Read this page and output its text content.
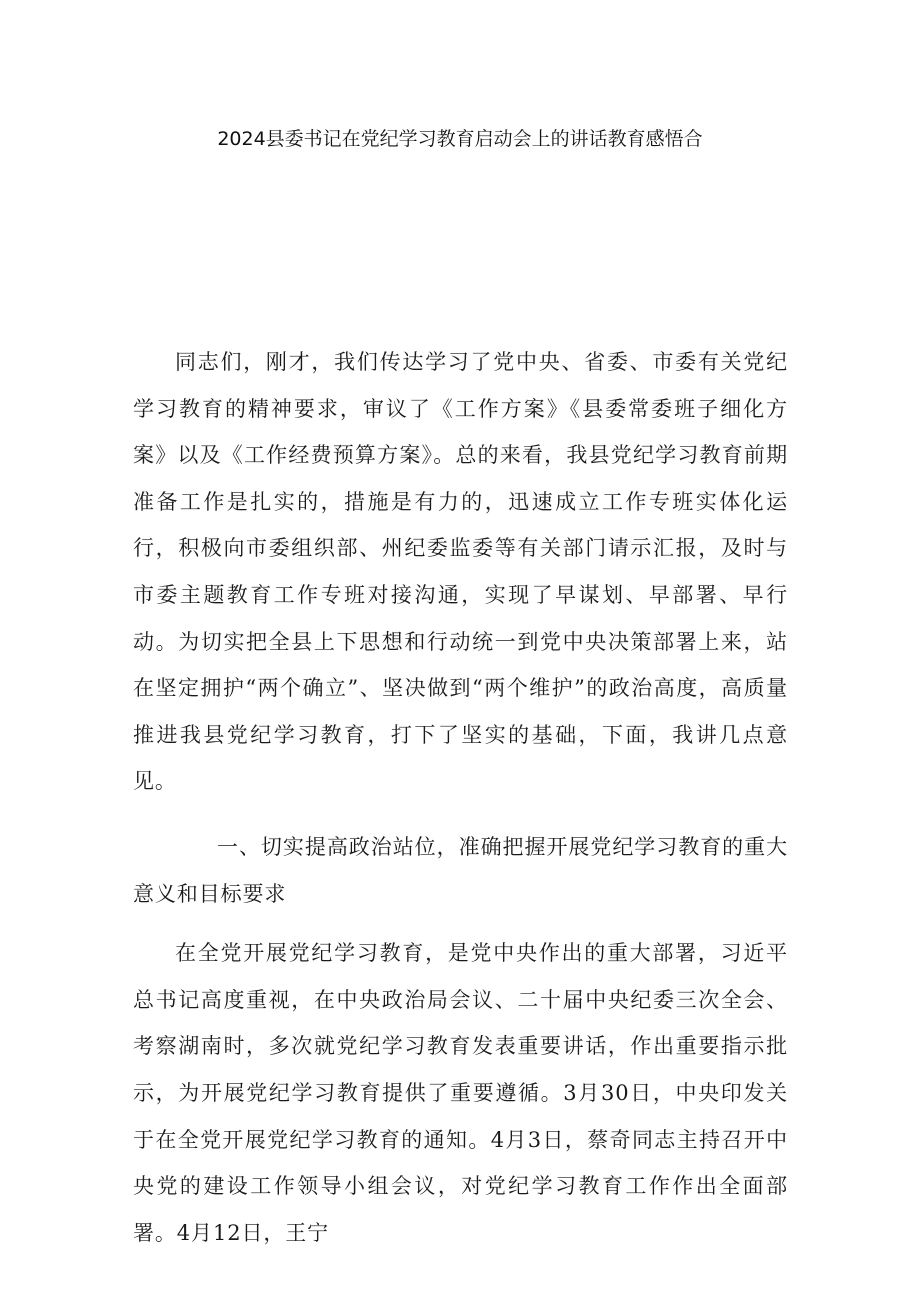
2024县委书记在党纪学习教育启动会上的讲话教育感悟合

同志们，刚才，我们传达学习了党中央、省委、市委有关党纪学习教育的精神要求，审议了《工作方案》《县委常委班子细化方案》以及《工作经费预算方案》。总的来看，我县党纪学习教育前期准备工作是扎实的，措施是有力的，迅速成立工作专班实体化运行，积极向市委组织部、州纪委监委等有关部门请示汇报，及时与市委主题教育工作专班对接沟通，实现了早谋划、早部署、早行动。为切实把全县上下思想和行动统一到党中央决策部署上来，站在坚定拥护“两个确立”、坚决做到“两个维护”的政治高度，高质量推进我县党纪学习教育，打下了坚实的基础，下面，我讲几点意见。

一、切实提高政治站位，准确把握开展党纪学习教育的重大意义和目标要求

在全党开展党纪学习教育，是党中央作出的重大部署，习近平总书记高度重视，在中央政治局会议、二十届中央纪委三次全会、考察湖南时，多次就党纪学习教育发表重要讲话，作出重要指示批示，为开展党纪学习教育提供了重要遵循。3月30日，中央印发关于在全党开展党纪学习教育的通知。4月3日，蔡奇同志主持召开中央党的建设工作领导小组会议，对党纪学习教育工作作出全面部署。4月12日，王宁
